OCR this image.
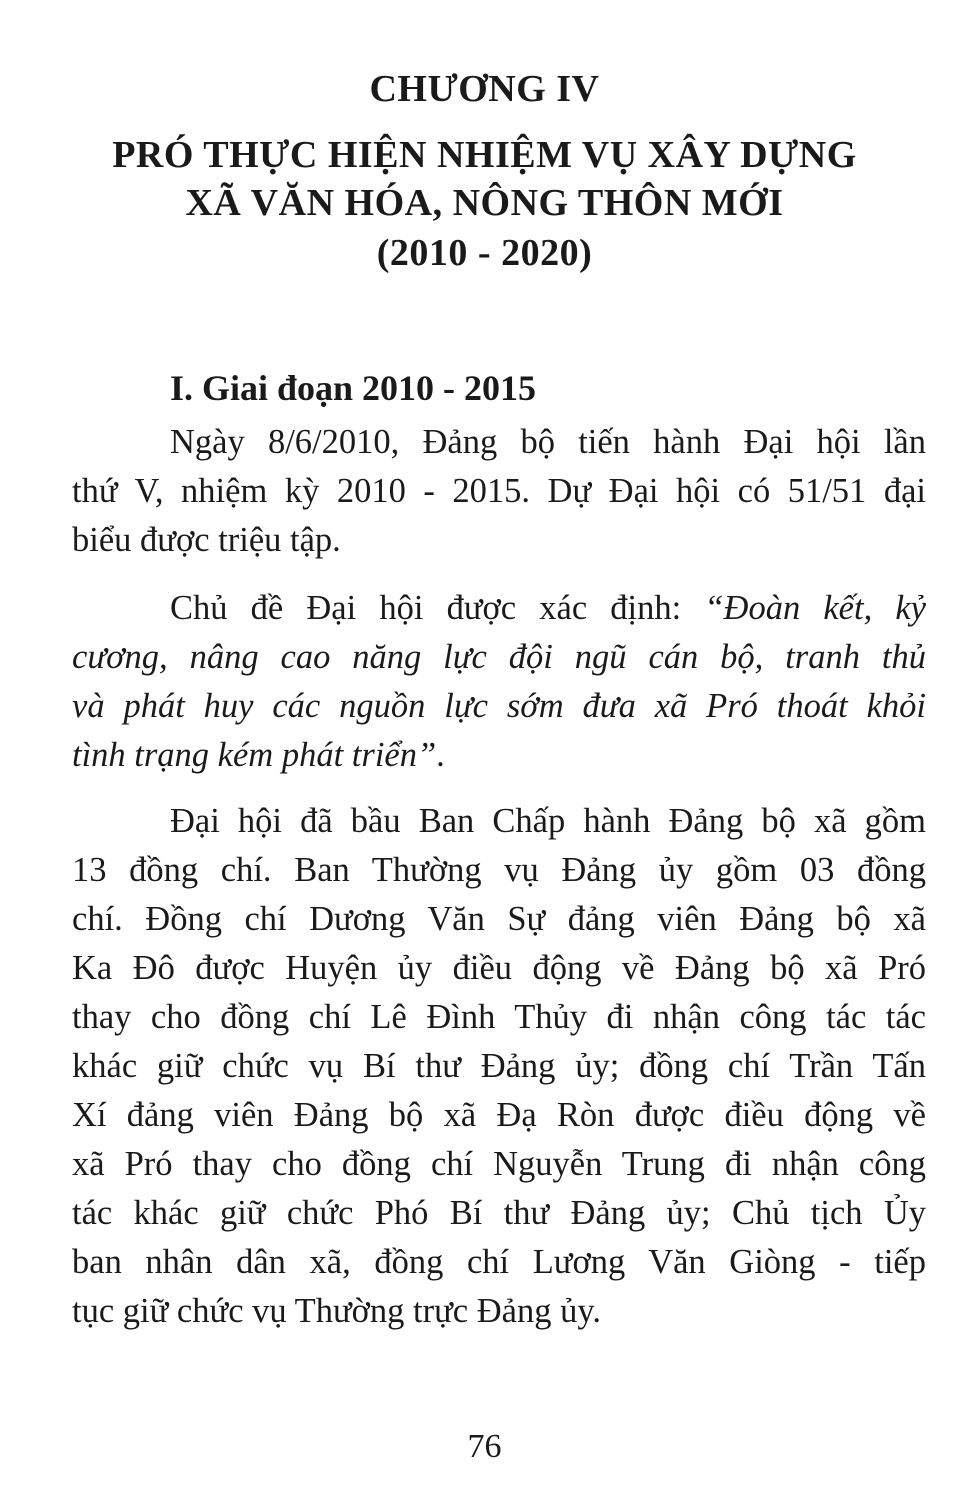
CHƯƠNG IV
PRÓ THỰC HIỆN NHIỆM VỤ XÂY DỰNG
XÃ VĂN HÓA, NÔNG THÔN MỚI
(2010 - 2020)
I. Giai đoạn 2010 - 2015
Ngày 8/6/2010, Đảng bộ tiến hành Đại hội lần
thứ V, nhiệm kỳ 2010 - 2015. Dự Đại hội có 51/51 đại
biểu được triệu tập.
Chủ đề Đại hội được xác định: “Đoàn kết, kỷ
cương, nâng cao năng lực đội ngũ cán bộ, tranh thủ
và phát huy các nguồn lực sớm đưa xã Pró thoát khỏi
tình trạng kém phát triển”.
Đại hội đã bầu Ban Chấp hành Đảng bộ xã gồm
13 đồng chí. Ban Thường vụ Đảng ủy gồm 03 đồng
chí. Đồng chí Dương Văn Sự đảng viên Đảng bộ xã
Ka Đô được Huyện ủy điều động về Đảng bộ xã Pró
thay cho đồng chí Lê Đình Thủy đi nhận công tác tác
khác giữ chức vụ Bí thư Đảng ủy; đồng chí Trần Tấn
Xí đảng viên Đảng bộ xã Đạ Ròn được điều động về
xã Pró thay cho đồng chí Nguyễn Trung đi nhận công
tác khác giữ chức Phó Bí thư Đảng ủy; Chủ tịch Ủy
ban nhân dân xã, đồng chí Lương Văn Giòng - tiếp
tục giữ chức vụ Thường trực Đảng ủy.
76
